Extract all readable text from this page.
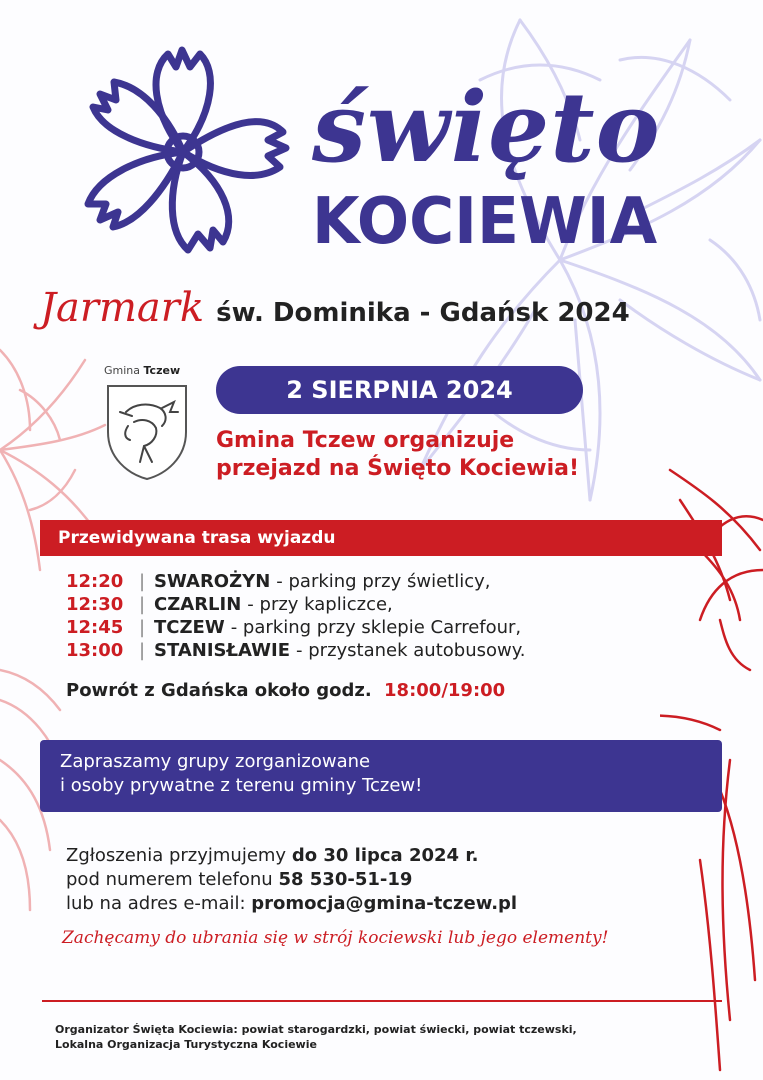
święto
KOCIEWIA
Jarmark św. Dominika - Gdańsk 2024
Gmina Tczew
2 SIERPNIA 2024
Gmina Tczew organizuje
przejazd na Święto Kociewia!
Przewidywana trasa wyjazdu
12:20 | SWAROŻYN - parking przy świetlicy,
12:30 | CZARLIN - przy kapliczce,
12:45 | TCZEW - parking przy sklepie Carrefour,
13:00 | STANISŁAWIE - przystanek autobusowy.
Powrót z Gdańska około godz. 18:00/19:00
Zapraszamy grupy zorganizowane
i osoby prywatne z terenu gminy Tczew!
Zgłoszenia przyjmujemy do 30 lipca 2024 r.
pod numerem telefonu 58 530-51-19
lub na adres e-mail: promocja@gmina-tczew.pl
Zachęcamy do ubrania się w strój kociewski lub jego elementy!
Organizator Święta Kociewia: powiat starogardzki, powiat świecki, powiat tczewski,
Lokalna Organizacja Turystyczna Kociewie
